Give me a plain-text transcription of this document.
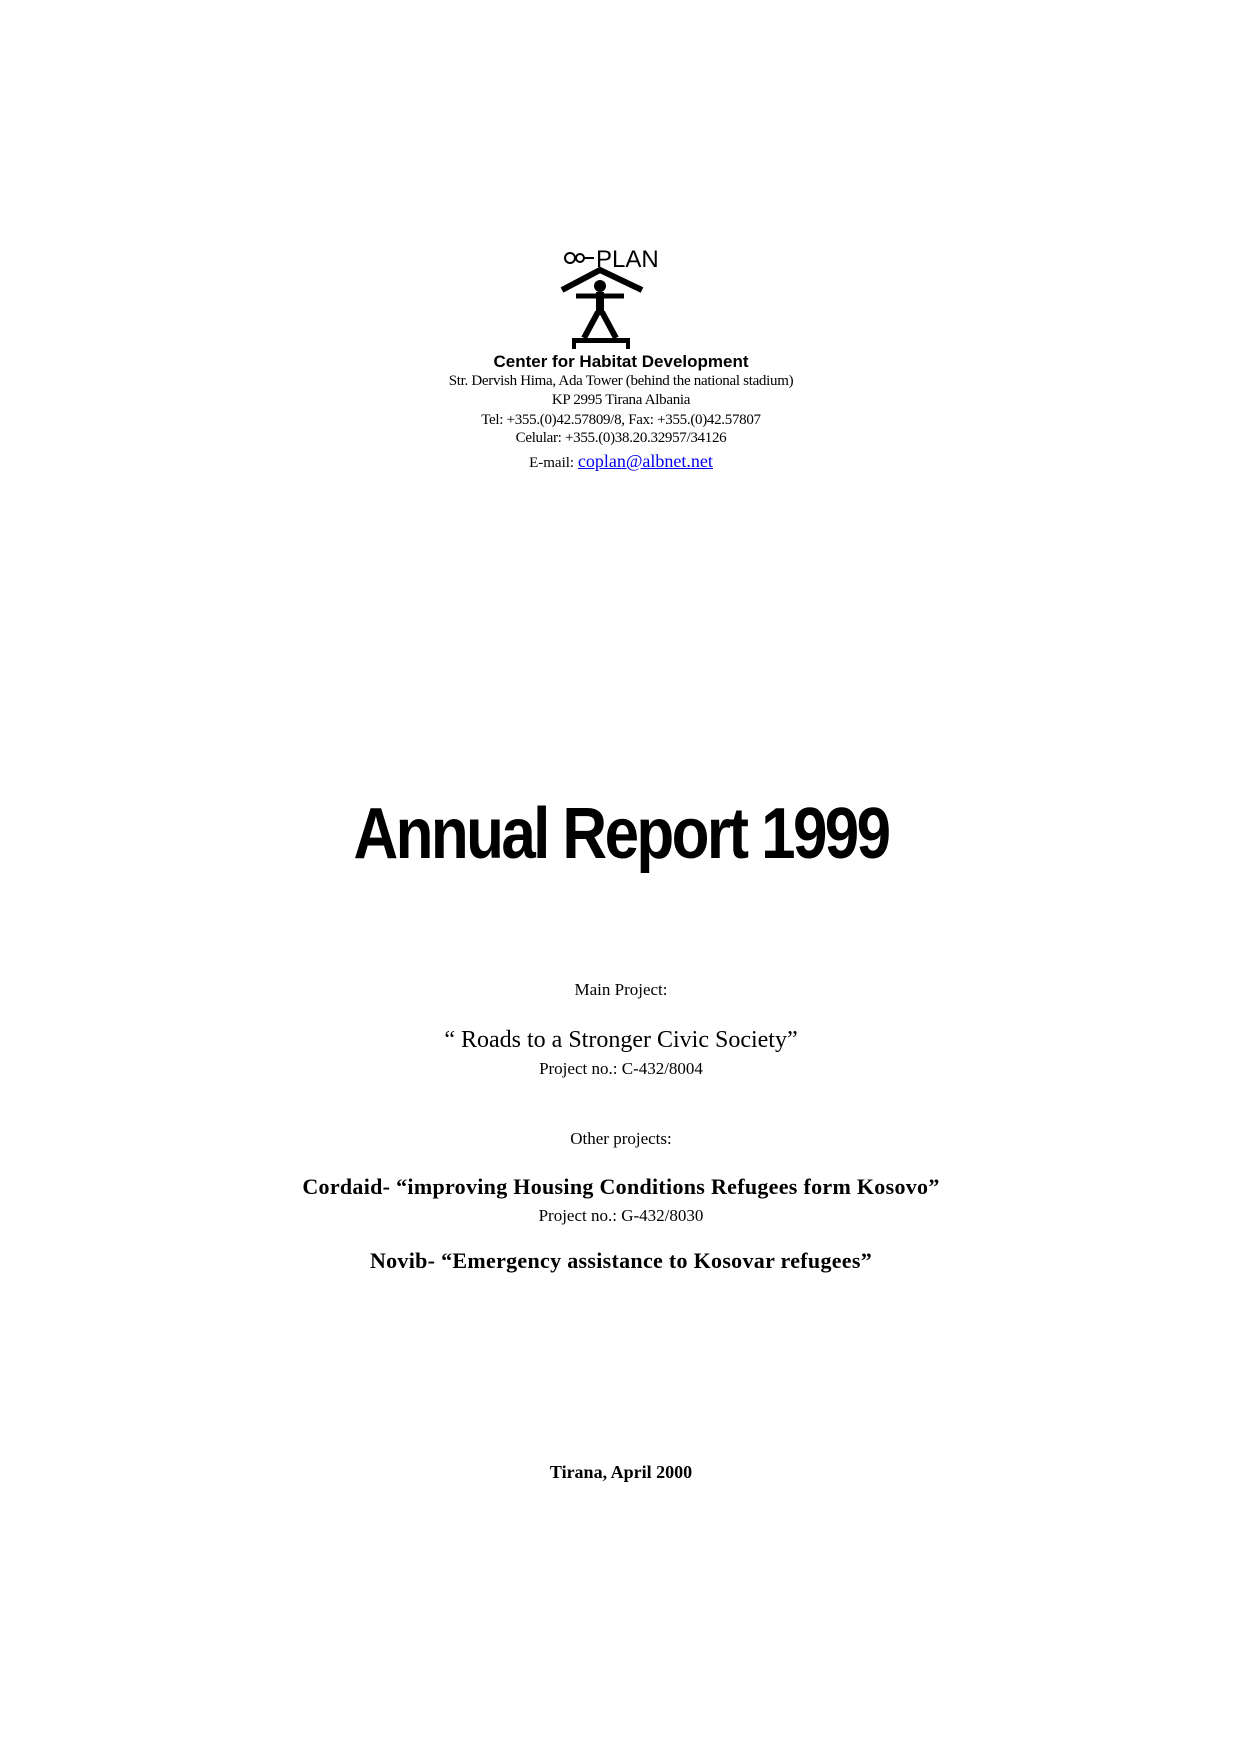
PLAN
Center for Habitat Development
Str. Dervish Hima, Ada Tower (behind the national stadium)
KP 2995 Tirana Albania
Tel: +355.(0)42.57809/8, Fax: +355.(0)42.57807
Celular: +355.(0)38.20.32957/34126
E-mail: coplan@albnet.net
Annual Report 1999
Main Project:
“ Roads to a Stronger Civic Society”
Project no.: C-432/8004
Other projects:
Cordaid- “improving Housing Conditions Refugees form Kosovo”
Project no.: G-432/8030
Novib- “Emergency assistance to Kosovar refugees”
Tirana, April 2000
